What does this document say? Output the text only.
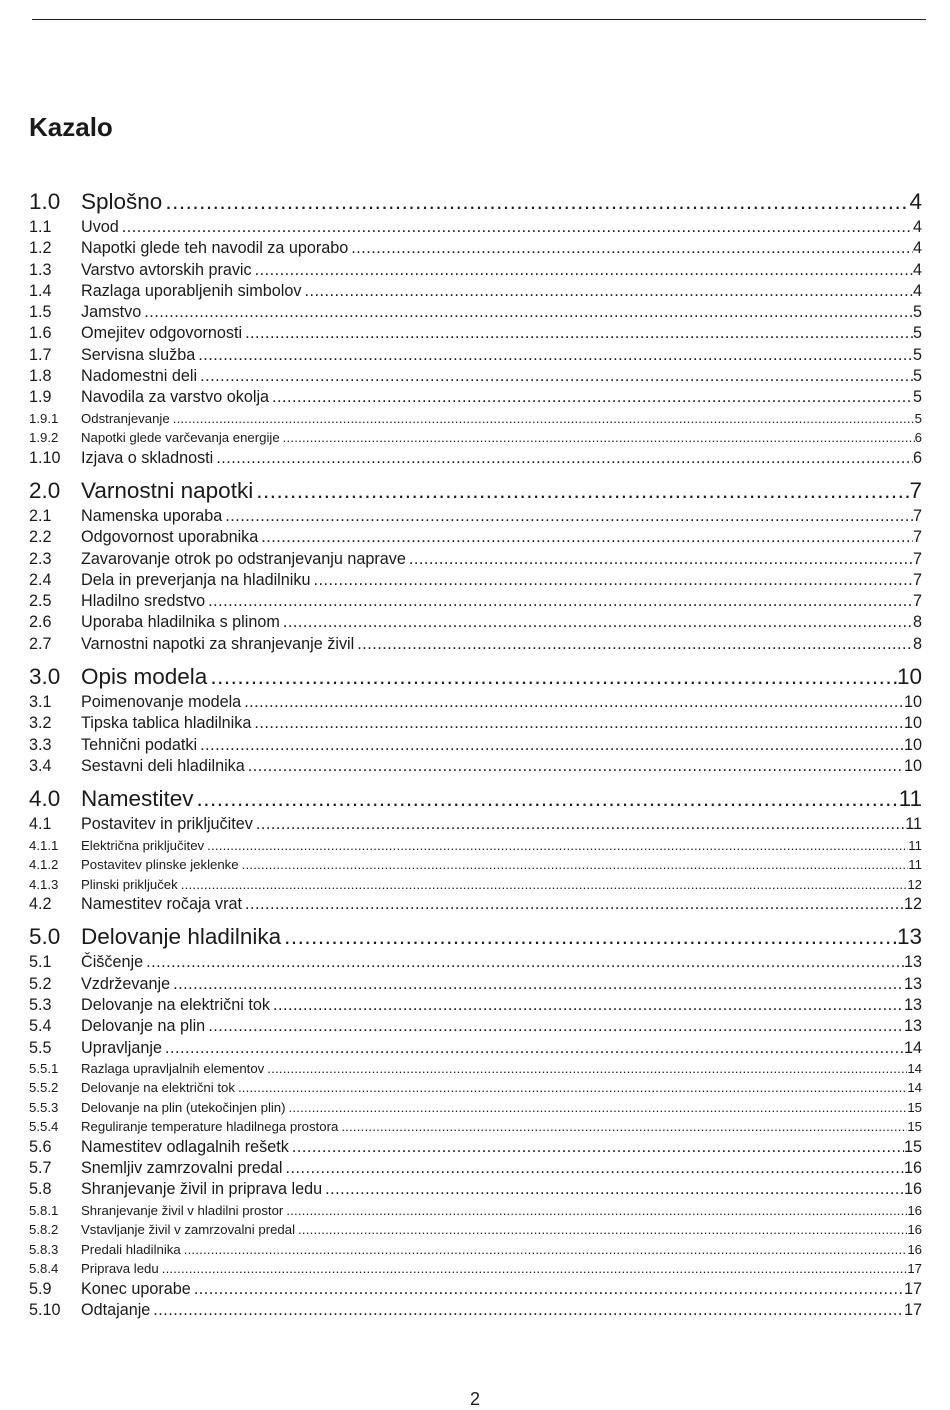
Kazalo
1.0 Splošno .....	4
1.1	Uvod .....	4
1.2	Napotki glede teh navodil za uporabo .....	4
1.3	Varstvo avtorskih pravic .....	4
1.4	Razlaga uporabljenih simbolov .....	4
1.5	Jamstvo .....	5
1.6	Omejitev odgovornosti .....	5
1.7	Servisna služba .....	5
1.8	Nadomestni deli .....	5
1.9	Navodila za varstvo okolja .....	5
1.9.1	Odstranjevanje .....	5
1.9.2	Napotki glede varčevanja energije .....	6
1.10	Izjava o skladnosti .....	6
2.0 Varnostni napotki .....	7
2.1	Namenska uporaba .....	7
2.2	Odgovornost uporabnika .....	7
2.3	Zavarovanje otrok po odstranjevanju naprave .....	7
2.4	Dela in preverjanja na hladilniku .....	7
2.5	Hladilno sredstvo .....	7
2.6	Uporaba hladilnika s plinom .....	8
2.7	Varnostni napotki za shranjevanje živil .....	8
3.0 Opis modela .....	10
3.1	Poimenovanje modela .....	10
3.2	Tipska tablica hladilnika .....	10
3.3	Tehnični podatki .....	10
3.4	Sestavni deli hladilnika .....	10
4.0 Namestitev .....	11
4.1	Postavitev in priključitev .....	11
4.1.1	Električna priključitev .....	11
4.1.2	Postavitev plinske jeklenke .....	11
4.1.3	Plinski priključek .....	12
4.2	Namestitev ročaja vrat .....	12
5.0 Delovanje hladilnika .....	13
5.1	Čiščenje .....	13
5.2	Vzdrževanje .....	13
5.3	Delovanje na električni tok .....	13
5.4	Delovanje na plin .....	13
5.5	Upravljanje .....	14
5.5.1	Razlaga upravljalnih elementov .....	14
5.5.2	Delovanje na električni tok .....	14
5.5.3	Delovanje na plin (utekočinjen plin) .....	15
5.5.4	Reguliranje temperature hladilnega prostora .....	15
5.6	Namestitev odlagalnih rešetk .....	15
5.7	Snemljiv zamrzovalni predal .....	16
5.8	Shranjevanje živil in priprava ledu .....	16
5.8.1	Shranjevanje živil v hladilni prostor .....	16
5.8.2	Vstavljanje živil v zamrzovalni predal .....	16
5.8.3	Predali hladilnika .....	16
5.8.4	Priprava ledu .....	17
5.9	Konec uporabe .....	17
5.10	Odtajanje .....	17
2
